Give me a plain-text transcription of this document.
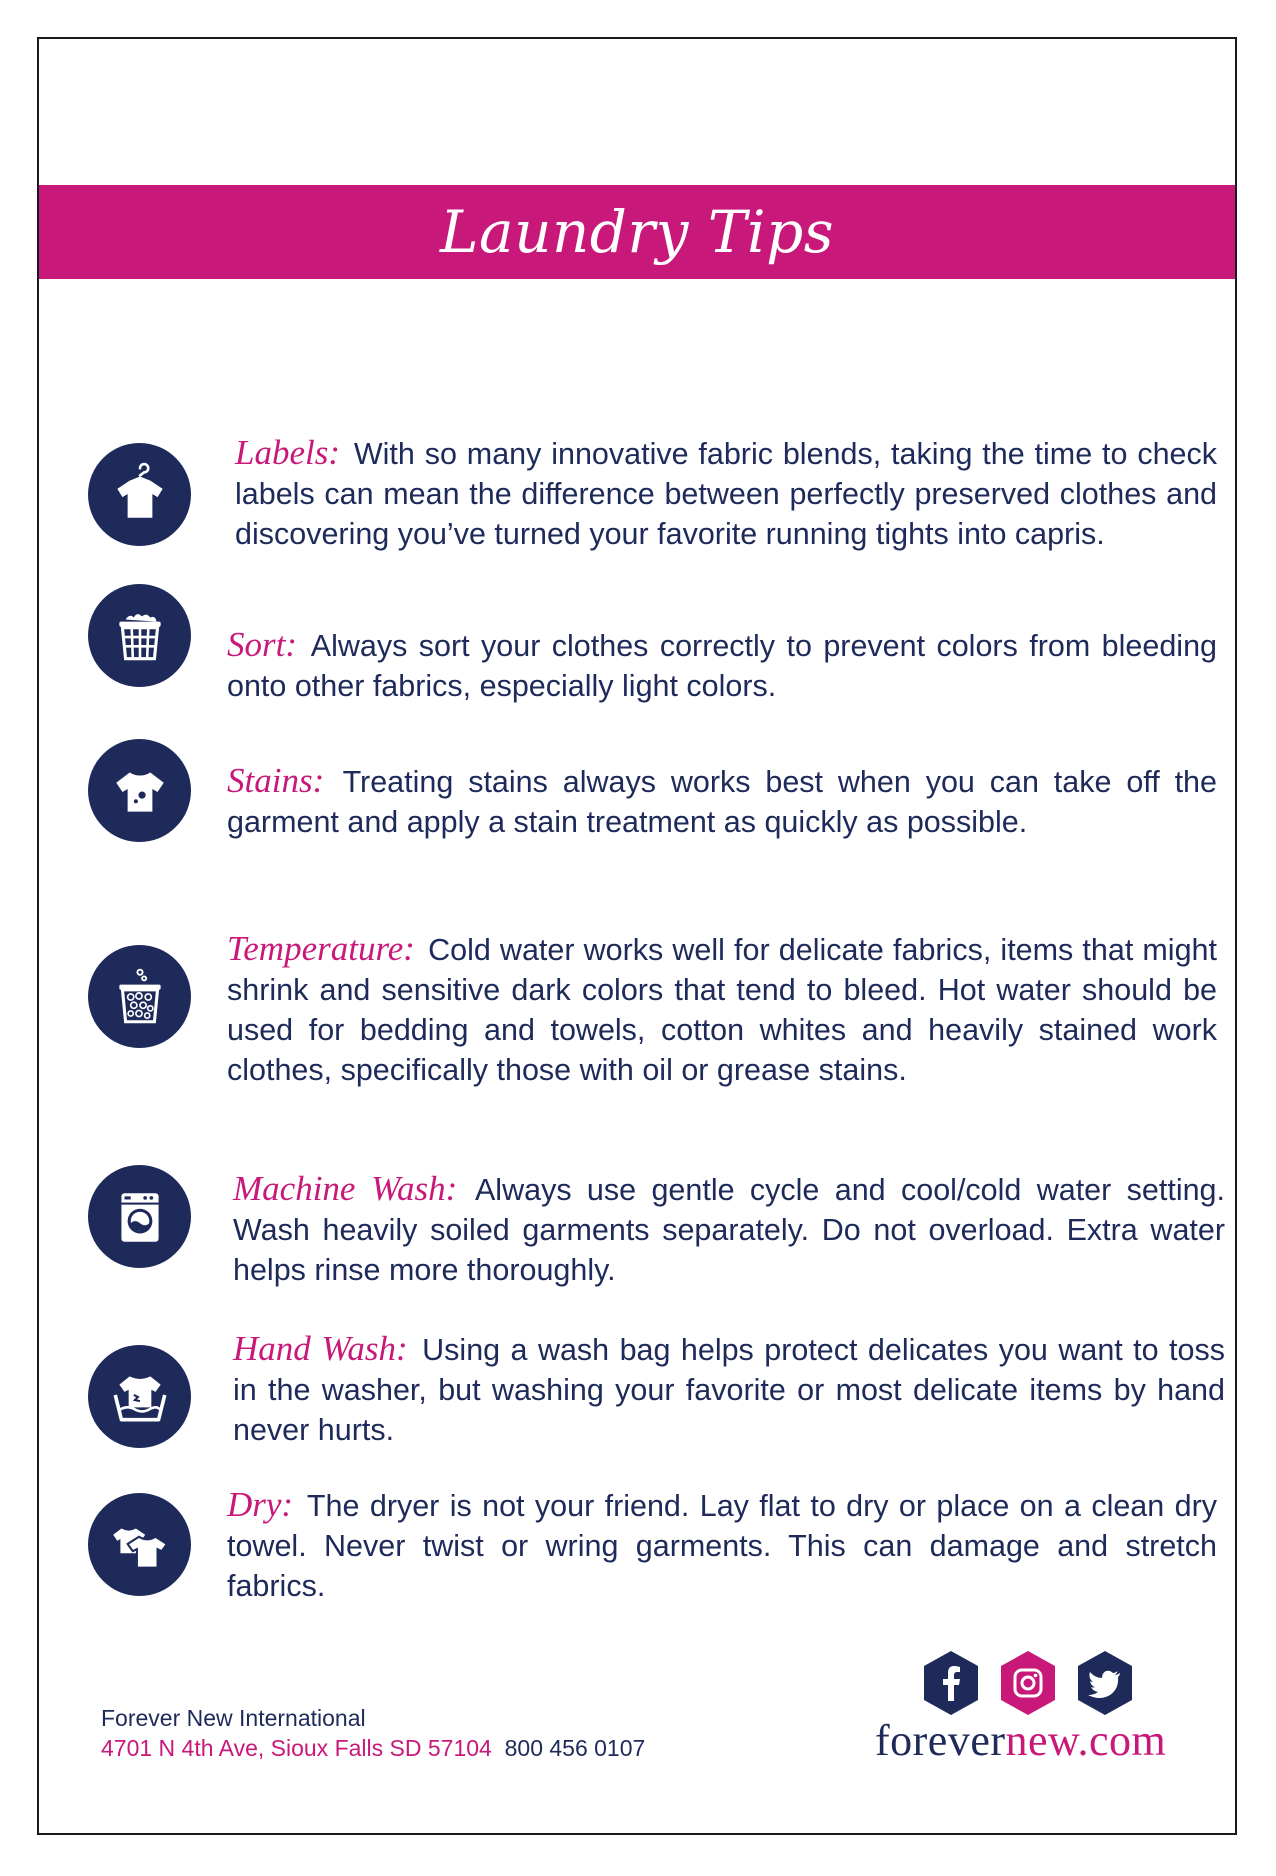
Laundry Tips
Labels: With so many innovative fabric blends, taking the time to check labels can mean the difference between perfectly preserved clothes and discovering you’ve turned your favorite running tights into capris.
Sort: Always sort your clothes correctly to prevent colors from bleeding onto other fabrics, especially light colors.
Stains: Treating stains always works best when you can take off the garment and apply a stain treatment as quickly as possible.
Temperature: Cold water works well for delicate fabrics, items that might shrink and sensitive dark colors that tend to bleed. Hot water should be used for bedding and towels, cotton whites and heavily stained work clothes, specifically those with oil or grease stains.
Machine Wash: Always use gentle cycle and cool/cold water setting. Wash heavily soiled garments separately. Do not overload. Extra water helps rinse more thoroughly.
Hand Wash: Using a wash bag helps protect delicates you want to toss in the washer, but washing your favorite or most delicate items by hand never hurts.
Dry: The dryer is not your friend. Lay flat to dry or place on a clean dry towel. Never twist or wring garments. This can damage and stretch fabrics.
Forever New International
4701 N 4th Ave, Sioux Falls SD 57104 800 456 0107	forevernew.com
